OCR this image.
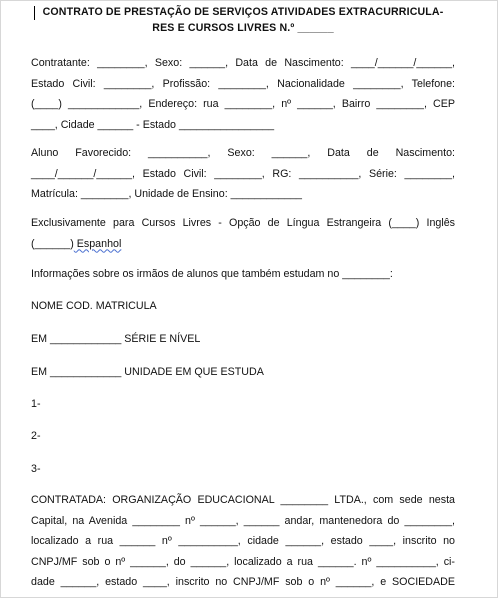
CONTRATO DE PRESTAÇÃO DE SERVIÇOS ATIVIDADES EXTRACURRICULA-
RES E CURSOS LIVRES N.º ______
Contratante: ________, Sexo: ______, Data de Nascimento: ____/______/______,
Estado Civil: ________, Profissão: ________, Nacionalidade ________, Telefone:
(____) ____________, Endereço: rua ________, nº ______, Bairro ________, CEP
____, Cidade ______ - Estado ________________
Aluno Favorecido: __________, Sexo: ______, Data de Nascimento:
____/______/______, Estado Civil: ________, RG: __________, Série: ________,
Matrícula: ________, Unidade de Ensino: ____________
Exclusivamente para Cursos Livres - Opção de Língua Estrangeira (____) Inglês
(______) Espanhol
Informações sobre os irmãos de alunos que também estudam no ________:
NOME COD. MATRICULA
EM ____________ SÉRIE E NÍVEL
EM ____________ UNIDADE EM QUE ESTUDA
1-
2-
3-
CONTRATADA: ORGANIZAÇÃO EDUCACIONAL ________ LTDA., com sede nesta
Capital, na Avenida ________ nº ______, ______ andar, mantenedora do ________,
localizado a rua ______ nº __________, cidade ______, estado ____, inscrito no
CNPJ/MF sob o nº ______, do ______, localizado a rua ______. nº __________, ci-
dade ______, estado ____, inscrito no CNPJ/MF sob o nº ______, e SOCIEDADE
